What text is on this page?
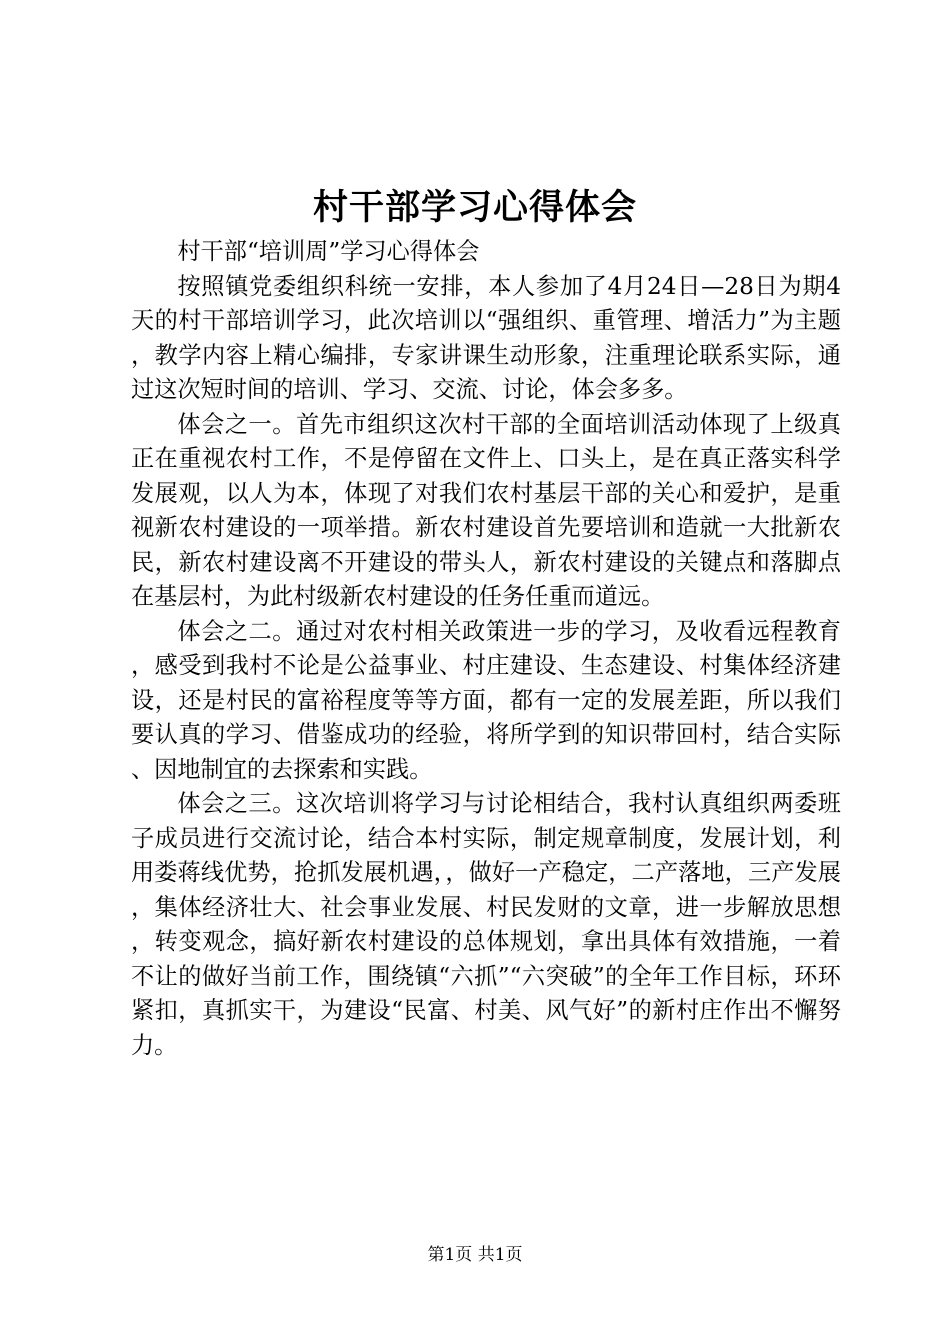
村干部学习心得体会

村干部“培训周”学习心得体会

按照镇党委组织科统一安排，本人参加了4月24日—28日为期4天的村干部培训学习，此次培训以“强组织、重管理、增活力”为主题，教学内容上精心编排，专家讲课生动形象，注重理论联系实际，通过这次短时间的培训、学习、交流、讨论，体会多多。

体会之一。首先市组织这次村干部的全面培训活动体现了上级真正在重视农村工作，不是停留在文件上、口头上，是在真正落实科学发展观，以人为本，体现了对我们农村基层干部的关心和爱护，是重视新农村建设的一项举措。新农村建设首先要培训和造就一大批新农民，新农村建设离不开建设的带头人，新农村建设的关键点和落脚点在基层村，为此村级新农村建设的任务任重而道远。

体会之二。通过对农村相关政策进一步的学习，及收看远程教育，感受到我村不论是公益事业、村庄建设、生态建设、村集体经济建设，还是村民的富裕程度等等方面，都有一定的发展差距，所以我们要认真的学习、借鉴成功的经验，将所学到的知识带回村，结合实际、因地制宜的去探索和实践。

体会之三。这次培训将学习与讨论相结合，我村认真组织两委班子成员进行交流讨论，结合本村实际，制定规章制度，发展计划，利用娄蒋线优势，抢抓发展机遇，，做好一产稳定，二产落地，三产发展，集体经济壮大、社会事业发展、村民发财的文章，进一步解放思想，转变观念，搞好新农村建设的总体规划，拿出具体有效措施，一着不让的做好当前工作，围绕镇“六抓”“六突破”的全年工作目标，环环紧扣，真抓实干，为建设“民富、村美、风气好”的新村庄作出不懈努力。

第1页 共1页
